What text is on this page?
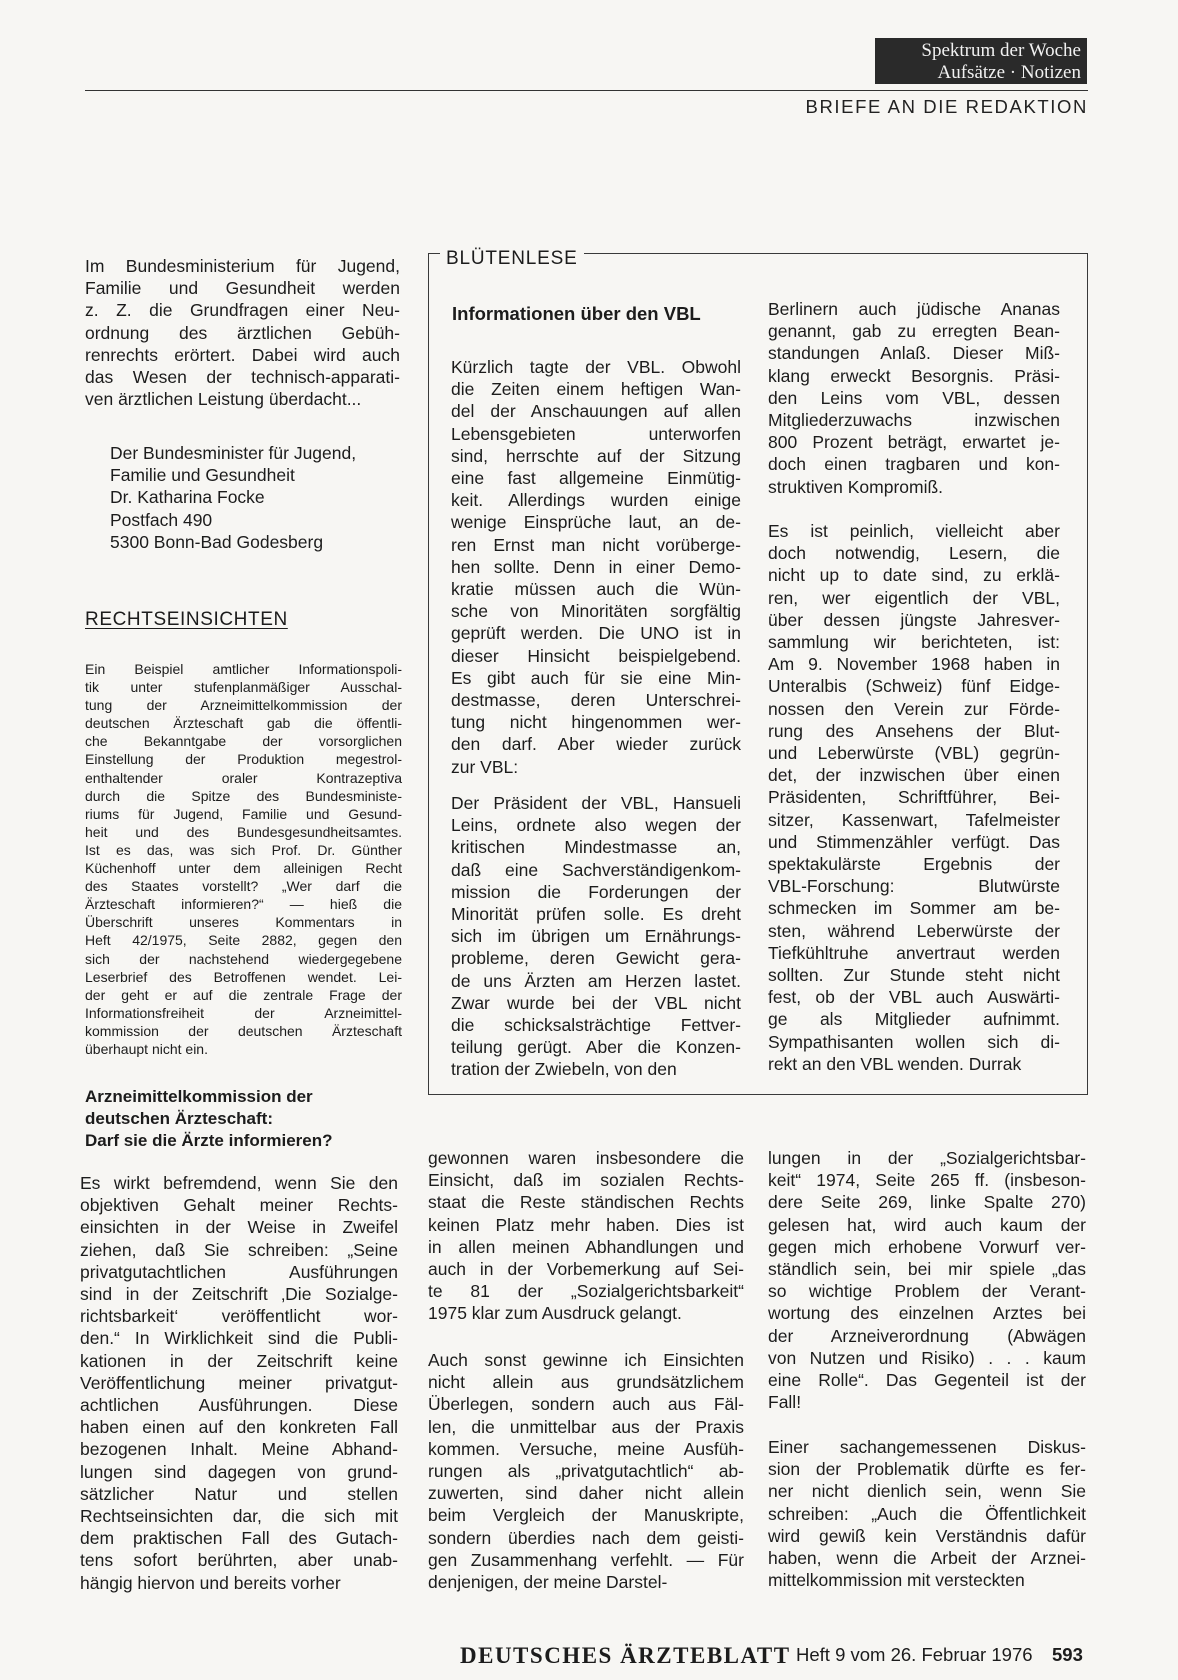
Spektrum der Woche
Aufsätze · Notizen
BRIEFE AN DIE REDAKTION
Im Bundesministerium für Jugend,
Familie und Gesundheit werden
z. Z. die Grundfragen einer Neu-
ordnung des ärztlichen Gebüh-
renrechts erörtert. Dabei wird auch
das Wesen der technisch-apparati-
ven ärztlichen Leistung überdacht...
Der Bundesminister für Jugend,
Familie und Gesundheit
Dr. Katharina Focke
Postfach 490
5300 Bonn-Bad Godesberg
RECHTSEINSICHTEN
Ein Beispiel amtlicher Informationspoli-
tik unter stufenplanmäßiger Ausschal-
tung der Arzneimittelkommission der
deutschen Ärzteschaft gab die öffentli-
che Bekanntgabe der vorsorglichen
Einstellung der Produktion megestrol-
enthaltender oraler Kontrazeptiva
durch die Spitze des Bundesministe-
riums für Jugend, Familie und Gesund-
heit und des Bundesgesundheitsamtes.
Ist es das, was sich Prof. Dr. Günther
Küchenhoff unter dem alleinigen Recht
des Staates vorstellt? „Wer darf die
Ärzteschaft informieren?“ — hieß die
Überschrift unseres Kommentars in
Heft 42/1975, Seite 2882, gegen den
sich der nachstehend wiedergegebene
Leserbrief des Betroffenen wendet. Lei-
der geht er auf die zentrale Frage der
Informationsfreiheit der Arzneimittel-
kommission der deutschen Ärzteschaft
überhaupt nicht ein.
Arzneimittelkommission der
deutschen Ärzteschaft:
Darf sie die Ärzte informieren?
Es wirkt befremdend, wenn Sie den
objektiven Gehalt meiner Rechts-
einsichten in der Weise in Zweifel
ziehen, daß Sie schreiben: „Seine
privatgutachtlichen Ausführungen
sind in der Zeitschrift ‚Die Sozialge-
richtsbarkeit‘ veröffentlicht wor-
den.“ In Wirklichkeit sind die Publi-
kationen in der Zeitschrift keine
Veröffentlichung meiner privatgut-
achtlichen Ausführungen. Diese
haben einen auf den konkreten Fall
bezogenen Inhalt. Meine Abhand-
lungen sind dagegen von grund-
sätzlicher Natur und stellen
Rechtseinsichten dar, die sich mit
dem praktischen Fall des Gutach-
tens sofort berührten, aber unab-
hängig hiervon und bereits vorher
gewonnen waren insbesondere die
Einsicht, daß im sozialen Rechts-
staat die Reste ständischen Rechts
keinen Platz mehr haben. Dies ist
in allen meinen Abhandlungen und
auch in der Vorbemerkung auf Sei-
te 81 der „Sozialgerichtsbarkeit“
1975 klar zum Ausdruck gelangt.
Auch sonst gewinne ich Einsichten
nicht allein aus grundsätzlichem
Überlegen, sondern auch aus Fäl-
len, die unmittelbar aus der Praxis
kommen. Versuche, meine Ausfüh-
rungen als „privatgutachtlich“ ab-
zuwerten, sind daher nicht allein
beim Vergleich der Manuskripte,
sondern überdies nach dem geisti-
gen Zusammenhang verfehlt. — Für
denjenigen, der meine Darstel-
lungen in der „Sozialgerichtsbar-
keit“ 1974, Seite 265 ff. (insbeson-
dere Seite 269, linke Spalte 270)
gelesen hat, wird auch kaum der
gegen mich erhobene Vorwurf ver-
ständlich sein, bei mir spiele „das
so wichtige Problem der Verant-
wortung des einzelnen Arztes bei
der Arzneiverordnung (Abwägen
von Nutzen und Risiko) . . . kaum
eine Rolle“. Das Gegenteil ist der
Fall!
Einer sachangemessenen Diskus-
sion der Problematik dürfte es fer-
ner nicht dienlich sein, wenn Sie
schreiben: „Auch die Öffentlichkeit
wird gewiß kein Verständnis dafür
haben, wenn die Arbeit der Arznei-
mittelkommission mit versteckten
BLÜTENLESE
Informationen über den VBL
Kürzlich tagte der VBL. Obwohl
die Zeiten einem heftigen Wan-
del der Anschauungen auf allen
Lebensgebieten unterworfen
sind, herrschte auf der Sitzung
eine fast allgemeine Einmütig-
keit. Allerdings wurden einige
wenige Einsprüche laut, an de-
ren Ernst man nicht vorüberge-
hen sollte. Denn in einer Demo-
kratie müssen auch die Wün-
sche von Minoritäten sorgfältig
geprüft werden. Die UNO ist in
dieser Hinsicht beispielgebend.
Es gibt auch für sie eine Min-
destmasse, deren Unterschrei-
tung nicht hingenommen wer-
den darf. Aber wieder zurück
zur VBL:
Der Präsident der VBL, Hansueli
Leins, ordnete also wegen der
kritischen Mindestmasse an,
daß eine Sachverständigenkom-
mission die Forderungen der
Minorität prüfen solle. Es dreht
sich im übrigen um Ernährungs-
probleme, deren Gewicht gera-
de uns Ärzten am Herzen lastet.
Zwar wurde bei der VBL nicht
die schicksalsträchtige Fettver-
teilung gerügt. Aber die Konzen-
tration der Zwiebeln, von den
Berlinern auch jüdische Ananas
genannt, gab zu erregten Bean-
standungen Anlaß. Dieser Miß-
klang erweckt Besorgnis. Präsi-
den Leins vom VBL, dessen
Mitgliederzuwachs inzwischen
800 Prozent beträgt, erwartet je-
doch einen tragbaren und kon-
struktiven Kompromiß.
Es ist peinlich, vielleicht aber
doch notwendig, Lesern, die
nicht up to date sind, zu erklä-
ren, wer eigentlich der VBL,
über dessen jüngste Jahresver-
sammlung wir berichteten, ist:
Am 9. November 1968 haben in
Unteralbis (Schweiz) fünf Eidge-
nossen den Verein zur Förde-
rung des Ansehens der Blut-
und Leberwürste (VBL) gegrün-
det, der inzwischen über einen
Präsidenten, Schriftführer, Bei-
sitzer, Kassenwart, Tafelmeister
und Stimmenzähler verfügt. Das
spektakulärste Ergebnis der
VBL-Forschung: Blutwürste
schmecken im Sommer am be-
sten, während Leberwürste der
Tiefkühltruhe anvertraut werden
sollten. Zur Stunde steht nicht
fest, ob der VBL auch Auswärti-
ge als Mitglieder aufnimmt.
Sympathisanten wollen sich di-
rekt an den VBL wenden. Durrak
DEUTSCHES ÄRZTEBLATT Heft 9 vom 26. Februar 1976 593
